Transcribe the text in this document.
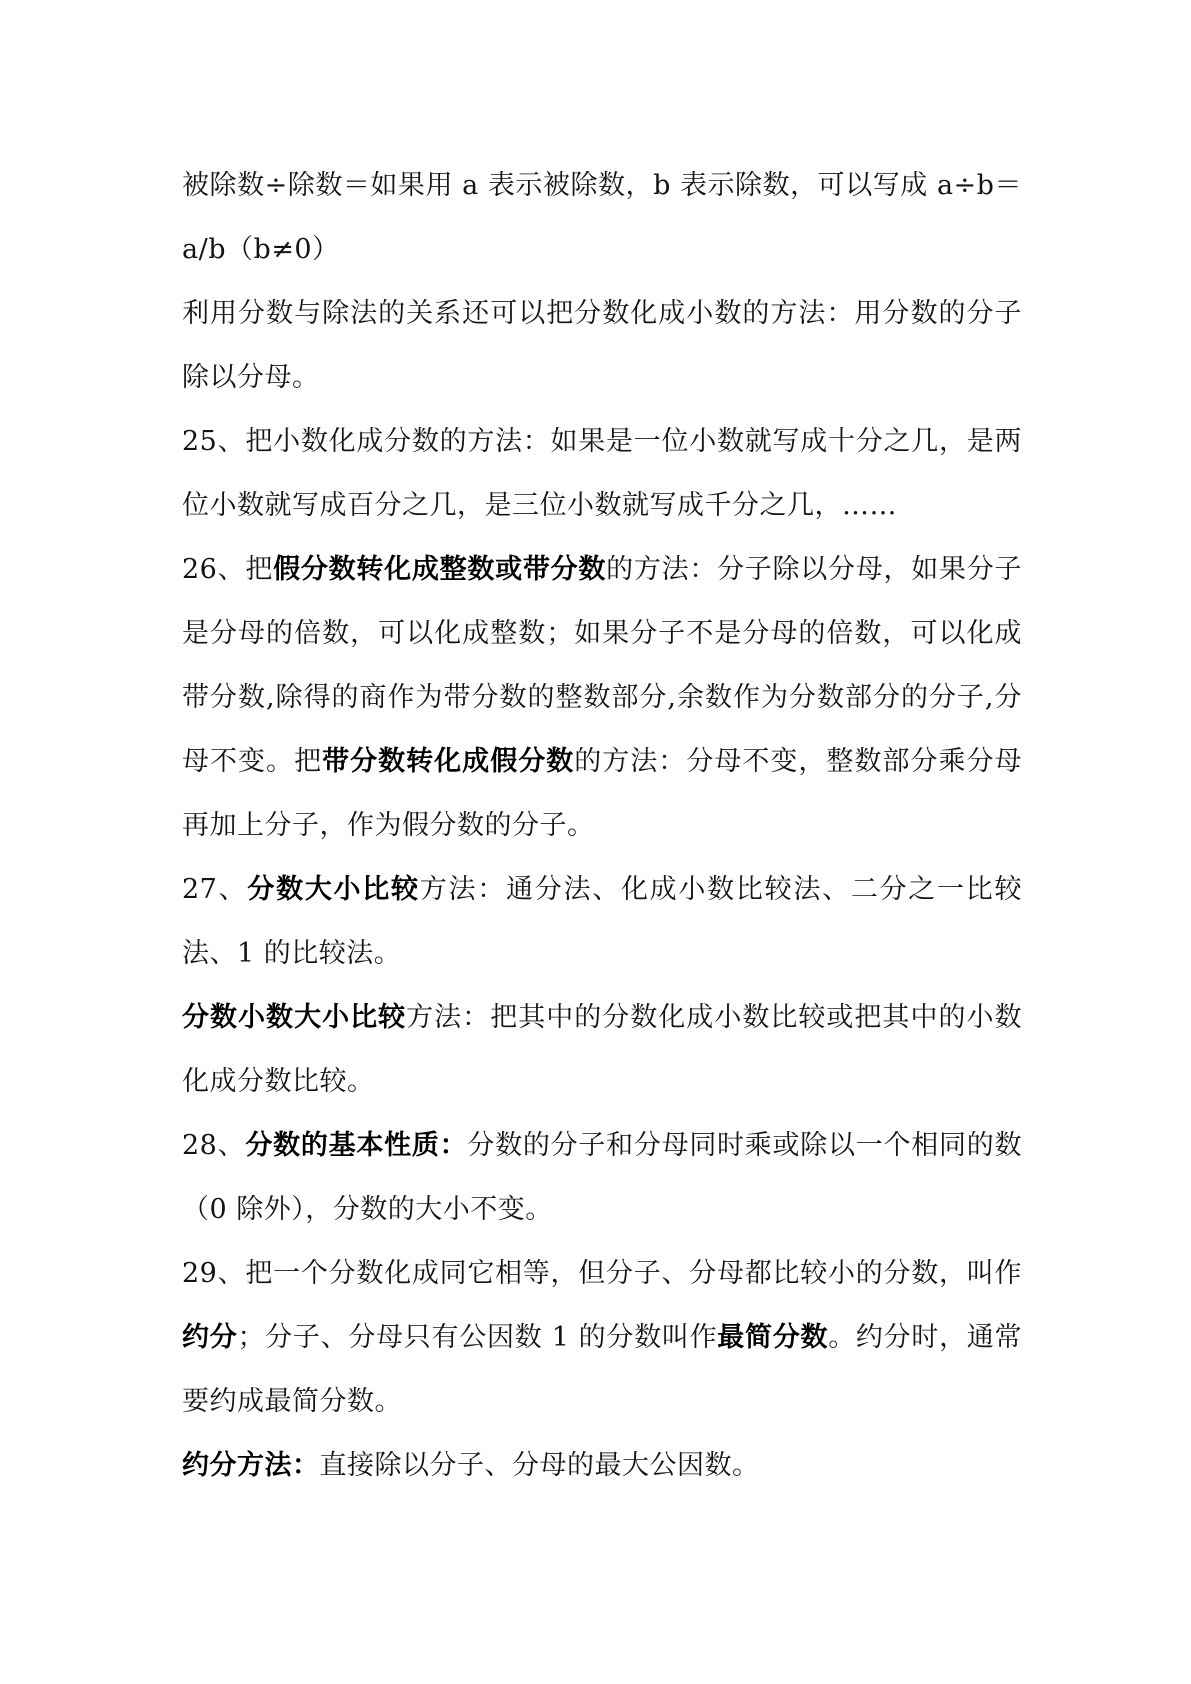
被除数÷除数＝如果用 a 表示被除数，b 表示除数，可以写成 a÷b＝a/b（b≠0）

利用分数与除法的关系还可以把分数化成小数的方法：用分数的分子除以分母。

25、把小数化成分数的方法：如果是一位小数就写成十分之几，是两位小数就写成百分之几，是三位小数就写成千分之几，……

26、把假分数转化成整数或带分数的方法：分子除以分母，如果分子是分母的倍数，可以化成整数；如果分子不是分母的倍数，可以化成带分数,除得的商作为带分数的整数部分,余数作为分数部分的分子,分母不变。把带分数转化成假分数的方法：分母不变，整数部分乘分母再加上分子，作为假分数的分子。

27、分数大小比较方法：通分法、化成小数比较法、二分之一比较法、1 的比较法。

分数小数大小比较方法：把其中的分数化成小数比较或把其中的小数化成分数比较。

28、分数的基本性质：分数的分子和分母同时乘或除以一个相同的数（0 除外），分数的大小不变。

29、把一个分数化成同它相等，但分子、分母都比较小的分数，叫作约分；分子、分母只有公因数 1 的分数叫作最简分数。约分时，通常要约成最简分数。

约分方法：直接除以分子、分母的最大公因数。
